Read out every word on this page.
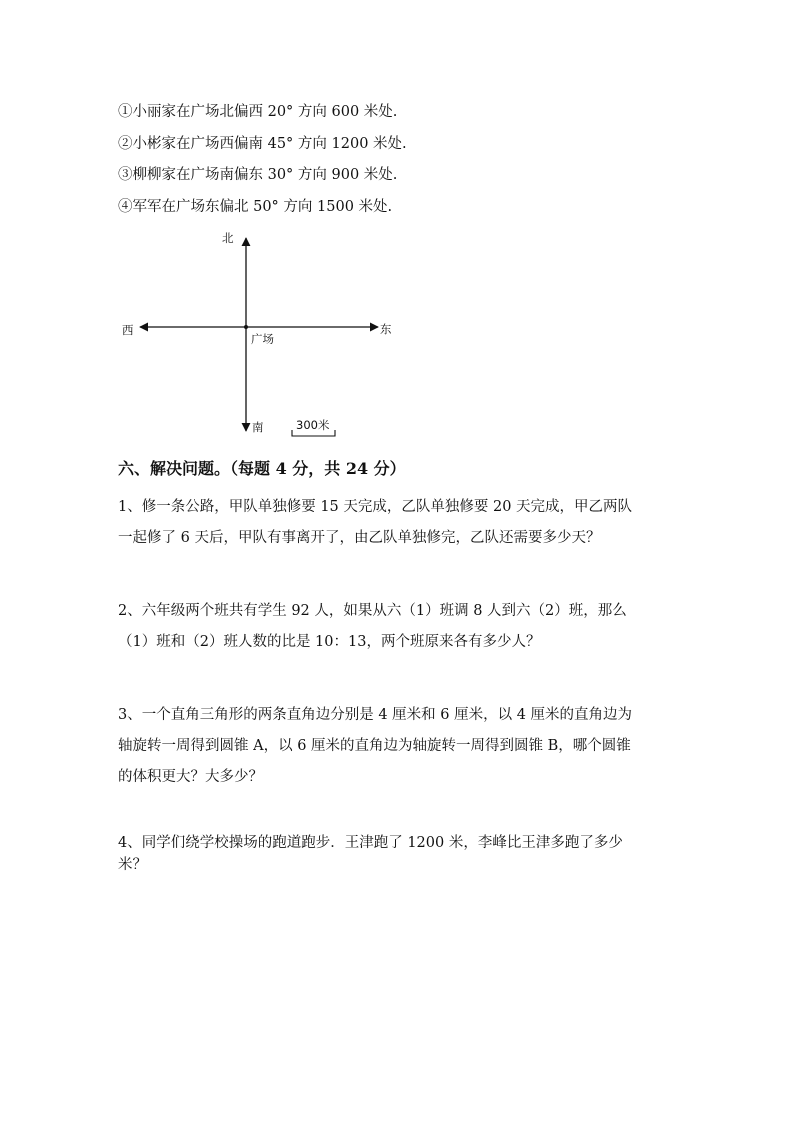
①小丽家在广场北偏西 20° 方向 600 米处.
②小彬家在广场西偏南 45° 方向 1200 米处.
③柳柳家在广场南偏东 30° 方向 900 米处.
④军军在广场东偏北 50° 方向 1500 米处.
北
南
东
西
广场
300米
六、解决问题。（每题 4 分，共 24 分）

1、修一条公路，甲队单独修要 15 天完成，乙队单独修要 20 天完成，甲乙两队

一起修了 6 天后，甲队有事离开了，由乙队单独修完，乙队还需要多少天？

2、六年级两个班共有学生 92 人，如果从六（1）班调 8 人到六（2）班，那么

（1）班和（2）班人数的比是 10：13，两个班原来各有多少人？

3、一个直角三角形的两条直角边分别是 4 厘米和 6 厘米，以 4 厘米的直角边为

轴旋转一周得到圆锥 A，以 6 厘米的直角边为轴旋转一周得到圆锥 B，哪个圆锥

的体积更大？大多少？

4、同学们绕学校操场的跑道跑步．王津跑了 1200 米，李峰比王津多跑了多少

米？
